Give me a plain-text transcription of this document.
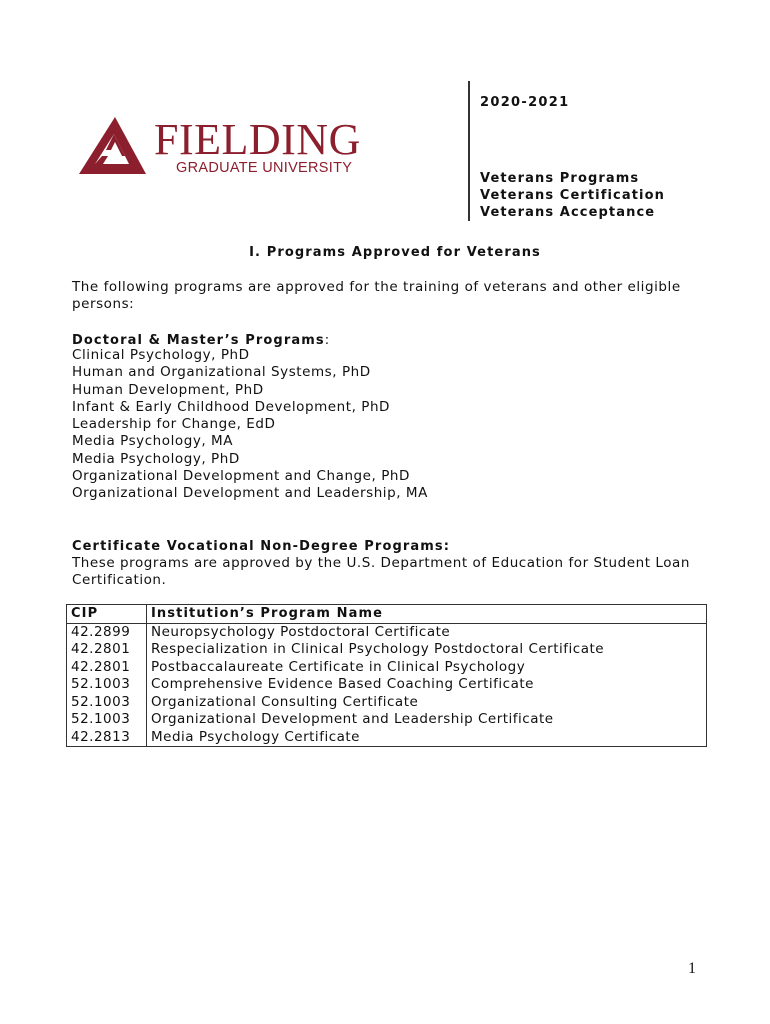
FIELDING
GRADUATE UNIVERSITY
2020-2021
Veterans Programs
Veterans Certification
Veterans Acceptance
I. Programs Approved for Veterans
The following programs are approved for the training of veterans and other eligible persons:
Doctoral & Master’s Programs:
Clinical Psychology, PhD
Human and Organizational Systems, PhD
Human Development, PhD
Infant & Early Childhood Development, PhD
Leadership for Change, EdD
Media Psychology, MA
Media Psychology, PhD
Organizational Development and Change, PhD
Organizational Development and Leadership, MA
Certificate Vocational Non-Degree Programs:
These programs are approved by the U.S. Department of Education for Student Loan Certification.
CIP	Institution’s Program Name
42.2899	Neuropsychology Postdoctoral Certificate
42.2801	Respecialization in Clinical Psychology Postdoctoral Certificate
42.2801	Postbaccalaureate Certificate in Clinical Psychology
52.1003	Comprehensive Evidence Based Coaching Certificate
52.1003	Organizational Consulting Certificate
52.1003	Organizational Development and Leadership Certificate
42.2813	Media Psychology Certificate
1
